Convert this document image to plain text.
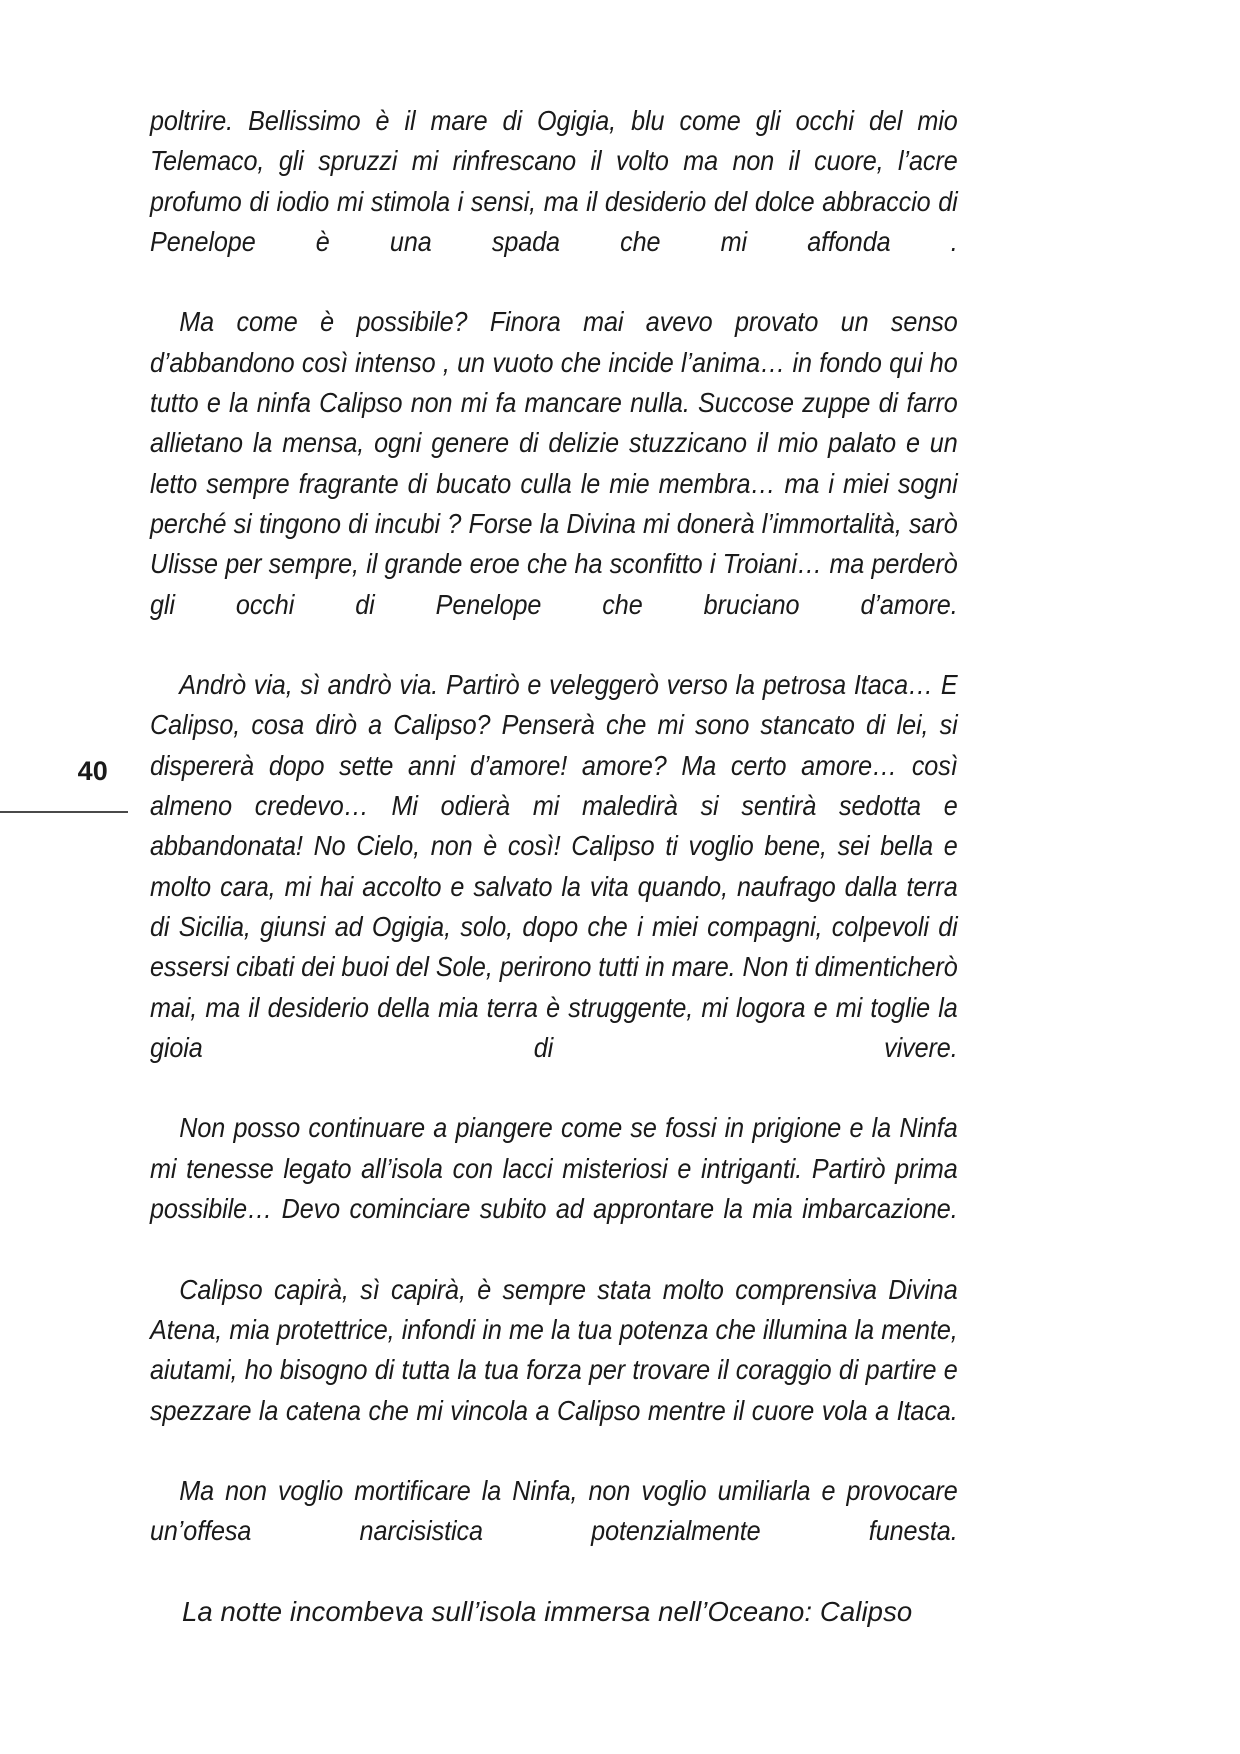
40

poltrire. Bellissimo è il mare di Ogigia, blu come gli occhi del mio Telemaco, gli spruzzi mi rinfrescano il volto ma non il cuore, l’acre profumo di iodio mi stimola i sensi, ma il desiderio del dolce abbraccio di Penelope è una spada che mi affonda .

Ma come è possibile? Finora mai avevo provato un senso d’abbandono così intenso , un vuoto che incide l’anima… in fondo qui ho tutto e la ninfa Calipso non mi fa mancare nulla. Succose zuppe di farro allietano la mensa, ogni genere di delizie stuzzicano il mio palato e un letto sempre fragrante di bucato culla le mie membra… ma i miei sogni perché si tingono di incubi ? Forse la Divina mi donerà l’immortalità, sarò Ulisse per sempre, il grande eroe che ha sconfitto i Troiani… ma perderò gli occhi di Penelope che bruciano d’amore.

Andrò via, sì andrò via. Partirò e veleggerò verso la petrosa Itaca… E Calipso, cosa dirò a Calipso? Penserà che mi sono stancato di lei, si dispererà dopo sette anni d’amore! amore? Ma certo amore… così almeno credevo… Mi odierà mi maledirà si sentirà sedotta e abbandonata! No Cielo, non è così! Calipso ti voglio bene, sei bella e molto cara, mi hai accolto e salvato la vita quando, naufrago dalla terra di Sicilia, giunsi ad Ogigia, solo, dopo che i miei compagni, colpevoli di essersi cibati dei buoi del Sole, perirono tutti in mare. Non ti dimenticherò mai, ma il desiderio della mia terra è struggente, mi logora e mi toglie la gioia di vivere.

Non posso continuare a piangere come se fossi in prigione e la Ninfa mi tenesse legato all’isola con lacci misteriosi e intriganti. Partirò prima possibile… Devo cominciare subito ad approntare la mia imbarcazione.

Calipso capirà, sì capirà, è sempre stata molto comprensiva Divina Atena, mia protettrice, infondi in me la tua potenza che illumina la mente, aiutami, ho bisogno di tutta la tua forza per trovare il coraggio di partire e spezzare la catena che mi vincola a Calipso mentre il cuore vola a Itaca.

Ma non voglio mortificare la Ninfa, non voglio umiliarla e provocare un’offesa narcisistica potenzialmente funesta.

La notte incombeva sull’isola immersa nell’Oceano: Calipso
